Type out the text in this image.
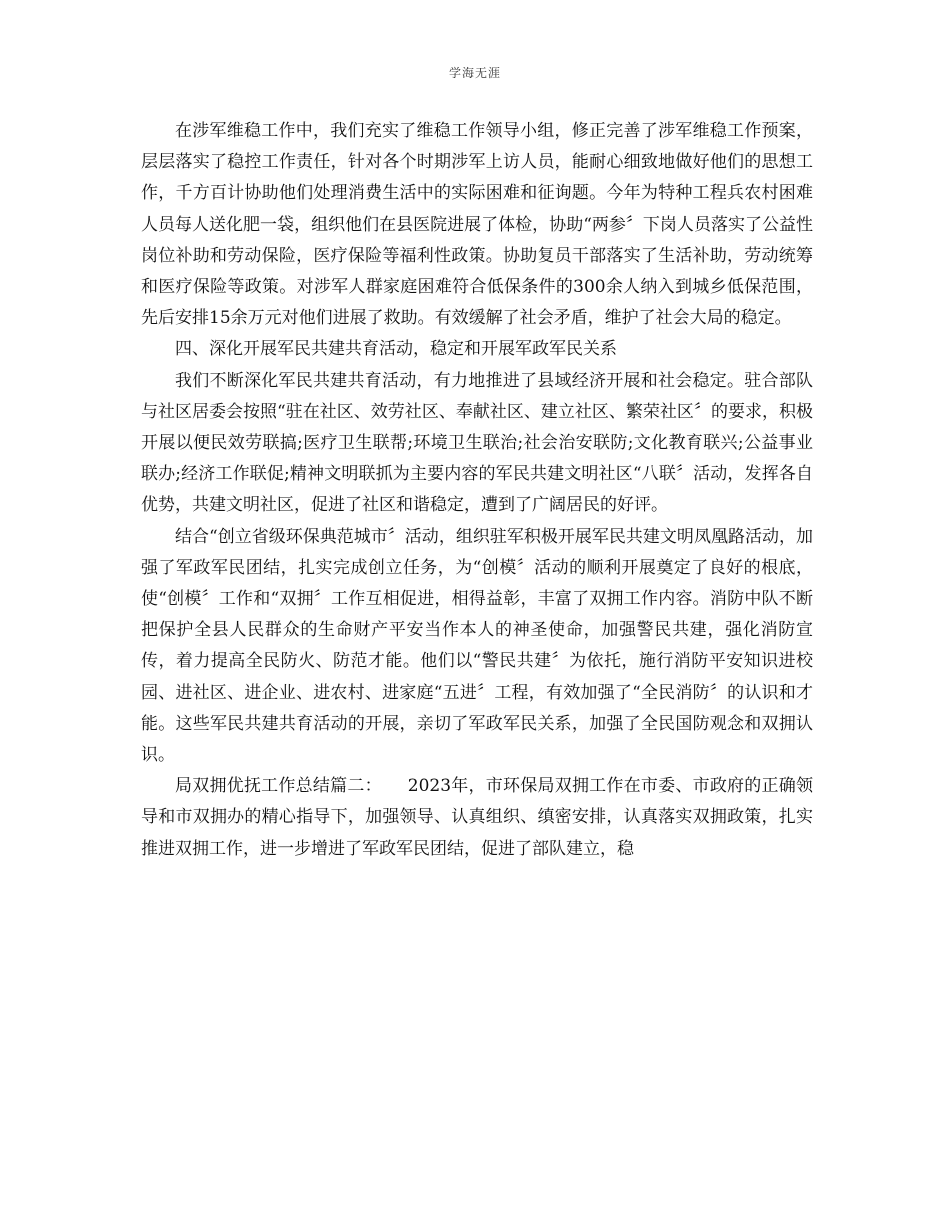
学海无涯

在涉军维稳工作中，我们充实了维稳工作领导小组，修正完善了涉军维稳工作预案，层层落实了稳控工作责任，针对各个时期涉军上访人员，能耐心细致地做好他们的思想工作，千方百计协助他们处理消费生活中的实际困难和征询题。今年为特种工程兵农村困难人员每人送化肥一袋，组织他们在县医院进展了体检，协助“两参〞下岗人员落实了公益性岗位补助和劳动保险，医疗保险等福利性政策。协助复员干部落实了生活补助，劳动统筹和医疗保险等政策。对涉军人群家庭困难符合低保条件的300余人纳入到城乡低保范围，先后安排15余万元对他们进展了救助。有效缓解了社会矛盾，维护了社会大局的稳定。

四、深化开展军民共建共育活动，稳定和开展军政军民关系

我们不断深化军民共建共育活动，有力地推进了县域经济开展和社会稳定。驻合部队与社区居委会按照“驻在社区、效劳社区、奉献社区、建立社区、繁荣社区〞的要求，积极开展以便民效劳联搞;医疗卫生联帮;环境卫生联治;社会治安联防;文化教育联兴;公益事业联办;经济工作联促;精神文明联抓为主要内容的军民共建文明社区“八联〞活动，发挥各自优势，共建文明社区，促进了社区和谐稳定，遭到了广阔居民的好评。

结合“创立省级环保典范城市〞活动，组织驻军积极开展军民共建文明凤凰路活动，加强了军政军民团结，扎实完成创立任务，为“创模〞活动的顺利开展奠定了良好的根底，使“创模〞工作和“双拥〞工作互相促进，相得益彰，丰富了双拥工作内容。消防中队不断把保护全县人民群众的生命财产平安当作本人的神圣使命，加强警民共建，强化消防宣传，着力提高全民防火、防范才能。他们以“警民共建〞为依托，施行消防平安知识进校园、进社区、进企业、进农村、进家庭“五进〞工程，有效加强了“全民消防〞的认识和才能。这些军民共建共育活动的开展，亲切了军政军民关系，加强了全民国防观念和双拥认识。

局双拥优抚工作总结篇二：　　2023年，市环保局双拥工作在市委、市政府的正确领导和市双拥办的精心指导下，加强领导、认真组织、缜密安排，认真落实双拥政策，扎实推进双拥工作，进一步增进了军政军民团结，促进了部队建立，稳
